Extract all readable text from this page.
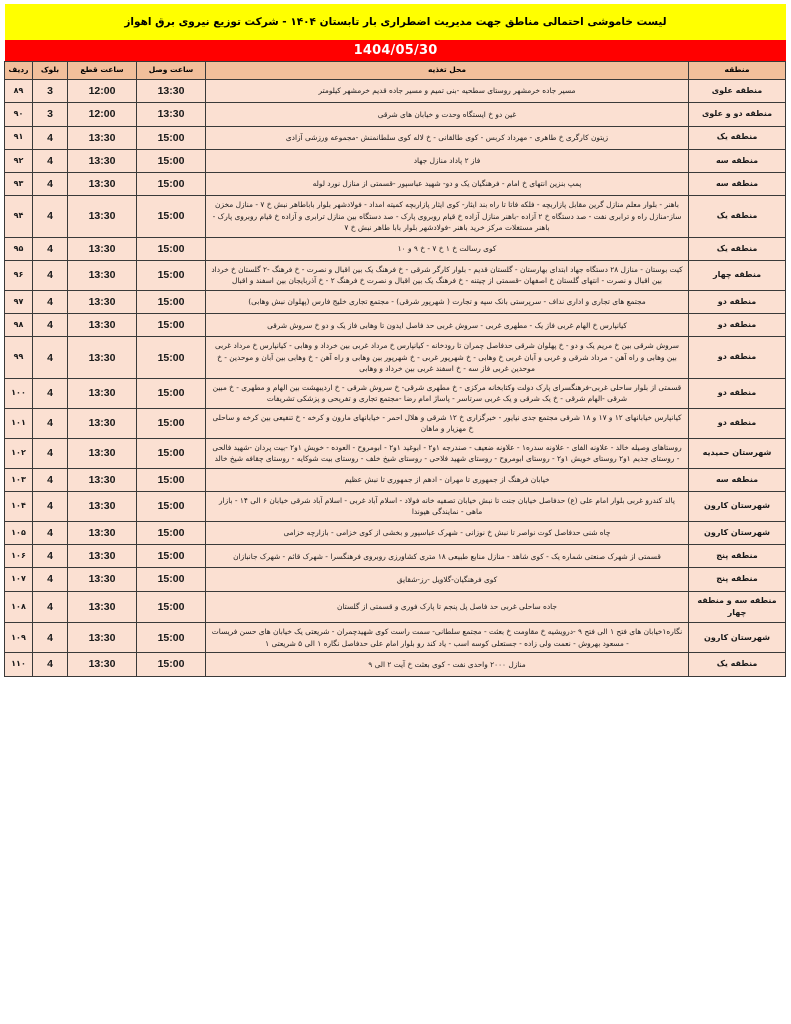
لیست خاموشی احتمالی مناطق جهت مدیریت اضطراری بار تابستان ۱۴۰۴ - شرکت توزیع نیروی برق اهواز
1404/05/30
منطقه	محل تغذیه	ساعت وصل	ساعت قطع	بلوک	ردیف
منطقه علوی	مسیر جاده خرمشهر روستای سطحیه -بنی تمیم و مسیر جاده قدیم خرمشهر کیلومتر	13:30	12:00	3	۸۹
منطقه دو و علوی	غین دو خ ایستگاه وحدت و خیابان های شرقی	13:30	12:00	3	۹۰
منطقه یک	زیتون کارگری خ طاهری - مهرداد کربس - کوی طالقانی - خ لاله کوی سلطانمنش -مجموعه ورزشی آزادی	15:00	13:30	4	۹۱
منطقه سه	فاز ۲ پاداد منازل جهاد	15:00	13:30	4	۹۲
منطقه سه	پمپ بنزین انتهای خ امام - فرهنگیان یک و دو- شهید عباسپور -قسمتی از منازل نورد لوله	15:00	13:30	4	۹۳
منطقه یک	باهنر - بلوار معلم منازل گرین مقابل پازاربچه - فلکه فاتا تا راه بند ایثار- کوی ایثار پازاربچه کمیته امداد - فولادشهر بلوار باباطاهر نبش خ ۷ - منازل مخزن ساز-منازل راه و ترابری نفت - صد دستگاه خ ۲ آزاده -باهنر منازل آزاده خ قیام روبروی پارک - صد دستگاه بین منازل ترابری و آزاده خ قیام روبروی پارک - باهنر مستغلات مرکز خرید باهنر -فولادشهر بلوار بابا طاهر نبش خ ۷	15:00	13:30	4	۹۴
منطقه یک	کوی رسالت خ ۱ خ ۷ - خ ۹ و ۱۰	15:00	13:30	4	۹۵
منطقه چهار	کیت بوستان - منازل ۲۸ دستگاه جهاد ابتدای بهارستان - گلستان قدیم - بلوار کارگر شرقی - خ فرهنگ یک بین اقبال و نصرت - خ فرهنگ -۲ گلستان خ خرداد بین اقبال و نصرت - انتهای گلستان خ اصفهان -قسمتی از چیتنه - خ فرهنگ یک بین اقبال و نصرت خ فرهنگ ۲ - خ آذربایجان بین اسفند و اقبال	15:00	13:30	4	۹۶
منطقه دو	مجتمع های تجاری و اداری نداف - سرپرستی بانک سپه و تجارت ( شهرپور شرقی) - مجتمع تجاری خلیج فارس (پهلوان نبش وهابی)	15:00	13:30	4	۹۷
منطقه دو	کیانپارس خ الهام غربی فاز یک - مطهری غربی - سروش غربی حد فاصل ایدون تا وهابی فاز یک و دو خ سروش شرقی	15:00	13:30	4	۹۸
منطقه دو	سروش شرقی بین خ مریم یک و دو - خ پهلوان شرقی حدفاصل چمران تا رودخانه - کیانپارس خ مرداد غربی بین خرداد و وهابی - کیانپارس خ مرداد غربی بین وهابی و راه آهن - مرداد شرقی و غربی و آبان غربی خ وهابی - خ شهرپور غربی - خ شهرپور بین وهابی و راه آهن - خ وهابی بین آبان و موحدین - خ موحدین غربی فاز سه - خ اسفند غربی بین خرداد و وهابی	15:00	13:30	4	۹۹
منطقه دو	قسمتی از بلوار ساحلی غربی-فرهنگسرای پارک دولت وکتابخانه مرکزی - خ مطهری شرقی- خ سروش شرقی - خ اردیبهشت بین الهام و مطهری - خ مبین شرقی -الهام شرقی - خ یک شرقی و یک غربی سرتاسر - پاساژ امام رضا -مجتمع تجاری و تفریحی و پزشکی تشریفات	15:00	13:30	4	۱۰۰
منطقه دو	کیانپارس خیابانهای ۱۲ و ۱۷ و ۱۸ شرقی مجتمع جدی نیایور - خبرگزاری خ ۱۲ شرقی و هلال احمر - خیابانهای مارون و کرخه - خ تنفیعی بین کرخه و ساحلی خ مهزیار و ماهان	15:00	13:30	4	۱۰۱
شهرستان حمیدیه	روستاهای وصیله خالد - علاونه الفای - علاونه سدره۱ - علاونه ضعیف - صندرجه ۱و۲ - ابوغید ۱و۲ - ابومروح - العوده - خویش ۱و۲ -بیت پردان -شهید فالحی - روستای جدیم ۱و۲ روستای خویش ۱و۲ - روستای ابومروح - روستای شهید فلاحی - روستای شیخ خلف - روستای بیت شوکایه - روستای چقافه شیخ خالد	15:00	13:30	4	۱۰۲
منطقه سه	خیابان فرهنگ از جمهوری تا مهران - ادهم از جمهوری تا نبش عظیم	15:00	13:30	4	۱۰۳
شهرستان کارون	یالد کندرو غربی بلوار امام علی (ع) حدفاصل خیابان جنت تا نبش خیابان تصفیه خانه فولاد - اسلام آباد غربی - اسلام آباد شرقی خیابان ۶ الی ۱۴ - بازار ماهی - نمایندگی هیوندا	15:00	13:30	4	۱۰۴
شهرستان کارون	چاه شنی حدفاصل کوت نواصر تا نبش خ نوزانی - شهرک عباسپور و بخشی از کوی خزامی - بازارچه خزامی	15:00	13:30	4	۱۰۵
منطقه پنج	قسمتی از شهرک صنعتی شماره یک - کوی شاهد - منازل منابع طبیعی ۱۸ متری کشاورزی روبروی فرهنگسرا - شهرک قائم - شهرک جانبازان	15:00	13:30	4	۱۰۶
منطقه پنج	کوی فرهنگیان-گلاویل -رز-شقایق	15:00	13:30	4	۱۰۷
منطقه سه و منطقه چهار	جاده ساحلی غربی حد فاصل پل پنجم تا پارک فوری و قسمتی از گلستان	15:00	13:30	4	۱۰۸
شهرستان کارون	نگاره۱خیابان های فتح ۱ الی فتح ۹ -درویشیه خ مقاومت خ بعثت - مجتمع سلطانی- سمت راست کوی شهیدچمران - شریعتی یک خیابان های حسن فریسات - مسعود بهروش - نعمت ولی زاده - جستعلی کوسه اسب - یاد کند رو بلوار امام علی حدفاصل نگاره ۱ الی ۵ شریعتی ۱	15:00	13:30	4	۱۰۹
منطقه یک	منازل ۲۰۰۰ واحدی نفت - کوی بعثت خ آیت ۲ الی ۹	15:00	13:30	4	۱۱۰
